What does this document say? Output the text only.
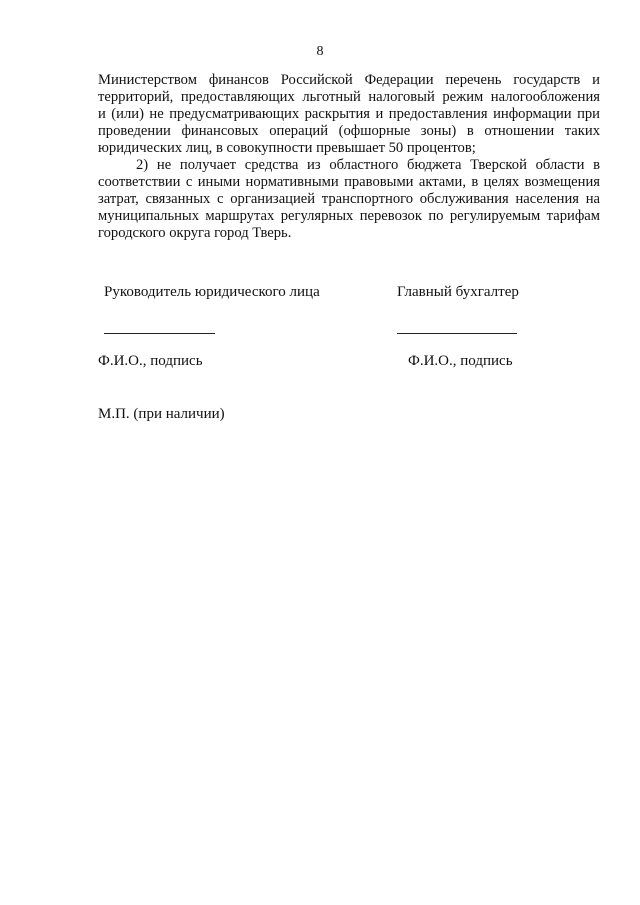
8
Министерством финансов Российской Федерации перечень государств и
территорий, предоставляющих льготный налоговый режим налогообложения
и (или) не предусматривающих раскрытия и предоставления информации при
проведении финансовых операций (офшорные зоны) в отношении таких
юридических лиц, в совокупности превышает 50 процентов;
2) не получает средства из областного бюджета Тверской области в
соответствии с иными нормативными правовыми актами, в целях возмещения
затрат, связанных с организацией транспортного обслуживания населения на
муниципальных маршрутах регулярных перевозок по регулируемым тарифам
городского округа город Тверь.
Руководитель юридического лица	Главный бухгалтер
Ф.И.О., подпись	Ф.И.О., подпись
М.П. (при наличии)
